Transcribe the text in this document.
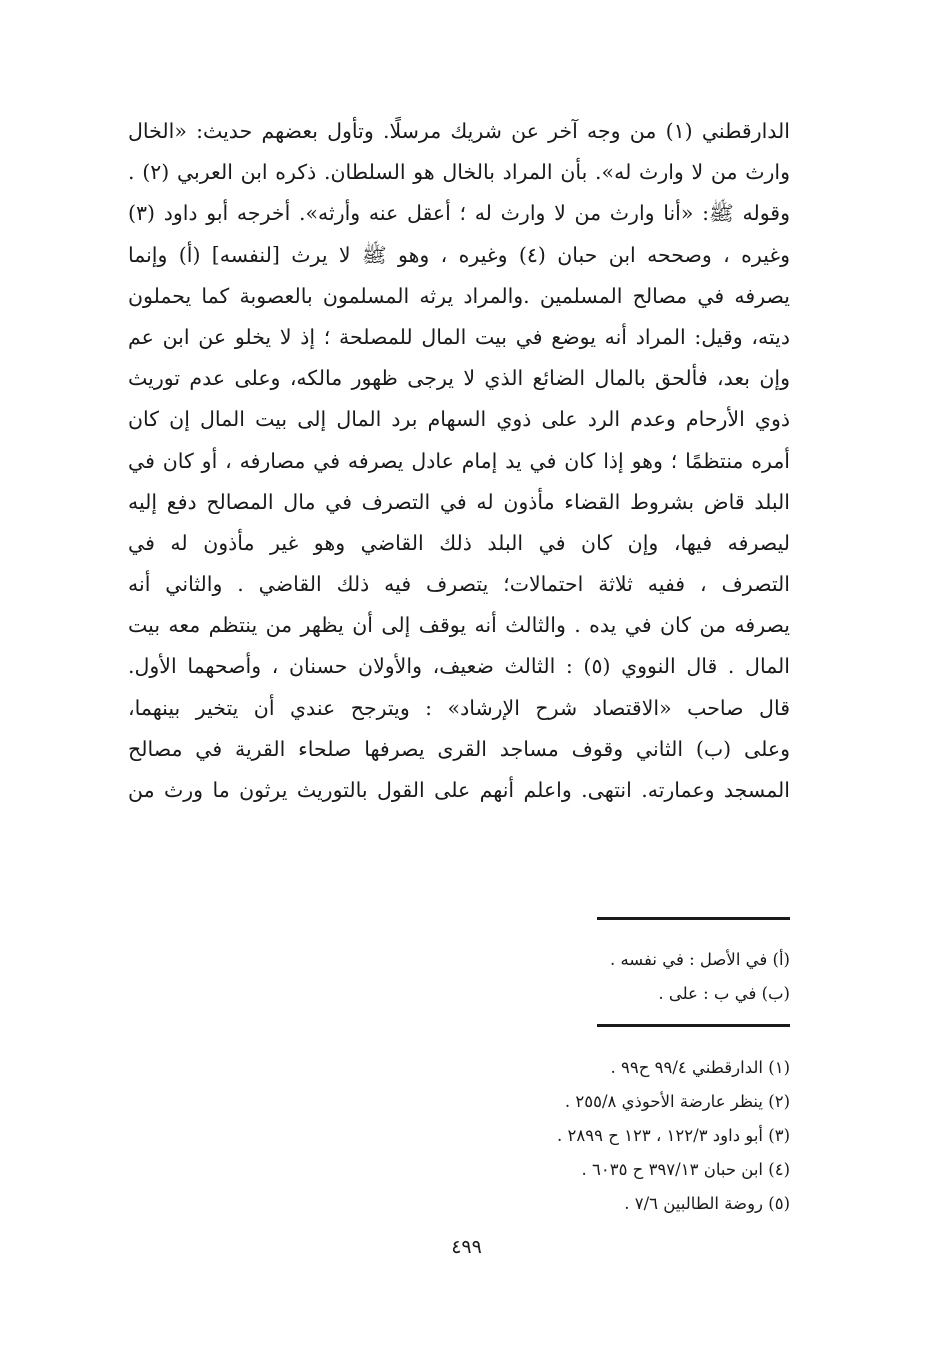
الدارقطني (١) من وجه آخر عن شريك مرسلًا. وتأول بعضهم حديث: «الخال
وارث من لا وارث له». بأن المراد بالخال هو السلطان. ذكره ابن العربي (٢) .
وقوله ﷺ: «أنا وارث من لا وارث له ؛ أعقل عنه وأرثه». أخرجه أبو داود (٣)
وغيره ، وصححه ابن حبان (٤) وغيره ، وهو ﷺ لا يرث [لنفسه] (أ) وإنما
يصرفه في مصالح المسلمين .والمراد يرثه المسلمون بالعصوبة كما يحملون
ديته، وقيل: المراد أنه يوضع في بيت المال للمصلحة ؛ إذ لا يخلو عن ابن عم
وإن بعد، فألحق بالمال الضائع الذي لا يرجى ظهور مالكه، وعلى عدم توريث
ذوي الأرحام وعدم الرد على ذوي السهام برد المال إلى بيت المال إن كان
أمره منتظمًا ؛ وهو إذا كان في يد إمام عادل يصرفه في مصارفه ، أو كان في
البلد قاض بشروط القضاء مأذون له في التصرف في مال المصالح دفع إليه
ليصرفه فيها، وإن كان في البلد ذلك القاضي وهو غير مأذون له في
التصرف ، ففيه ثلاثة احتمالات؛ يتصرف فيه ذلك القاضي . والثاني أنه
يصرفه من كان في يده . والثالث أنه يوقف إلى أن يظهر من ينتظم معه بيت
المال . قال النووي (٥) : الثالث ضعيف، والأولان حسنان ، وأصحهما الأول.
قال صاحب «الاقتصاد شرح الإرشاد» : ويترجح عندي أن يتخير بينهما،
وعلى (ب) الثاني وقوف مساجد القرى يصرفها صلحاء القرية في مصالح
المسجد وعمارته. انتهى. واعلم أنهم على القول بالتوريث يرثون ما ورث من
(أ) في الأصل : في نفسه .
(ب) في ب : على .
(١) الدارقطني ٩٩/٤ ح٩٩ .
(٢) ينظر عارضة الأحوذي ٢٥٥/٨ .
(٣) أبو داود ١٢٢/٣ ، ١٢٣ ح ٢٨٩٩ .
(٤) ابن حبان ٣٩٧/١٣ ح ٦٠٣٥ .
(٥) روضة الطالبين ٧/٦ .
٤٩٩
